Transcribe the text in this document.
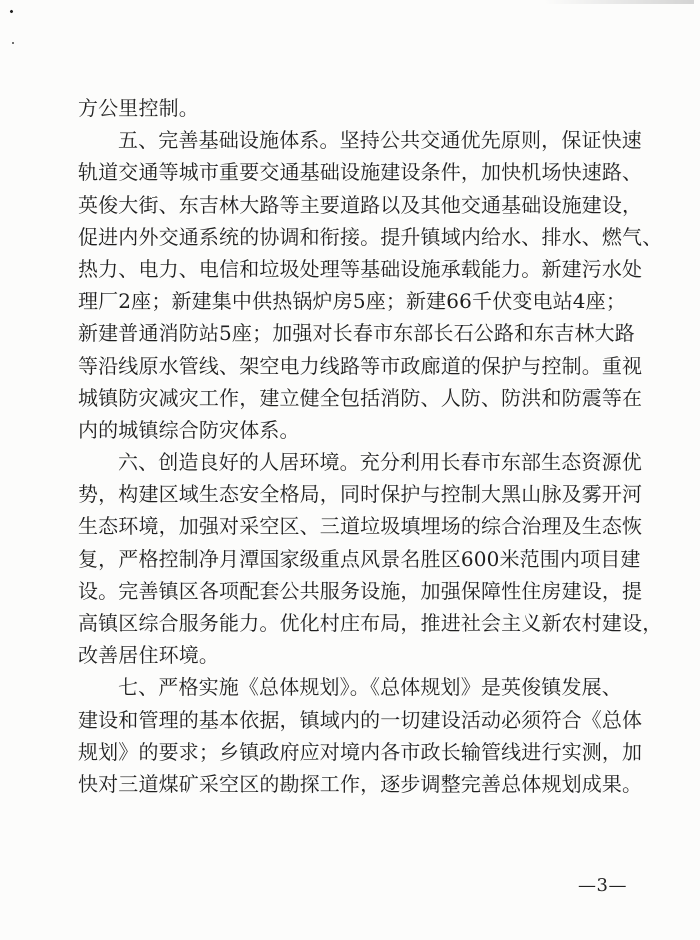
方公里控制。
五、完善基础设施体系。坚持公共交通优先原则，保证快速
轨道交通等城市重要交通基础设施建设条件，加快机场快速路、
英俊大街、东吉林大路等主要道路以及其他交通基础设施建设，
促进内外交通系统的协调和衔接。提升镇域内给水、排水、燃气、
热力、电力、电信和垃圾处理等基础设施承载能力。新建污水处
理厂2座；新建集中供热锅炉房5座；新建66千伏变电站4座；
新建普通消防站5座；加强对长春市东部长石公路和东吉林大路
等沿线原水管线、架空电力线路等市政廊道的保护与控制。重视
城镇防灾减灾工作，建立健全包括消防、人防、防洪和防震等在
内的城镇综合防灾体系。
六、创造良好的人居环境。充分利用长春市东部生态资源优
势，构建区域生态安全格局，同时保护与控制大黑山脉及雾开河
生态环境，加强对采空区、三道垃圾填埋场的综合治理及生态恢
复，严格控制净月潭国家级重点风景名胜区600米范围内项目建
设。完善镇区各项配套公共服务设施，加强保障性住房建设，提
高镇区综合服务能力。优化村庄布局，推进社会主义新农村建设，
改善居住环境。
七、严格实施《总体规划》。《总体规划》是英俊镇发展、
建设和管理的基本依据，镇域内的一切建设活动必须符合《总体
规划》的要求；乡镇政府应对境内各市政长输管线进行实测，加
快对三道煤矿采空区的勘探工作，逐步调整完善总体规划成果。
—3—
